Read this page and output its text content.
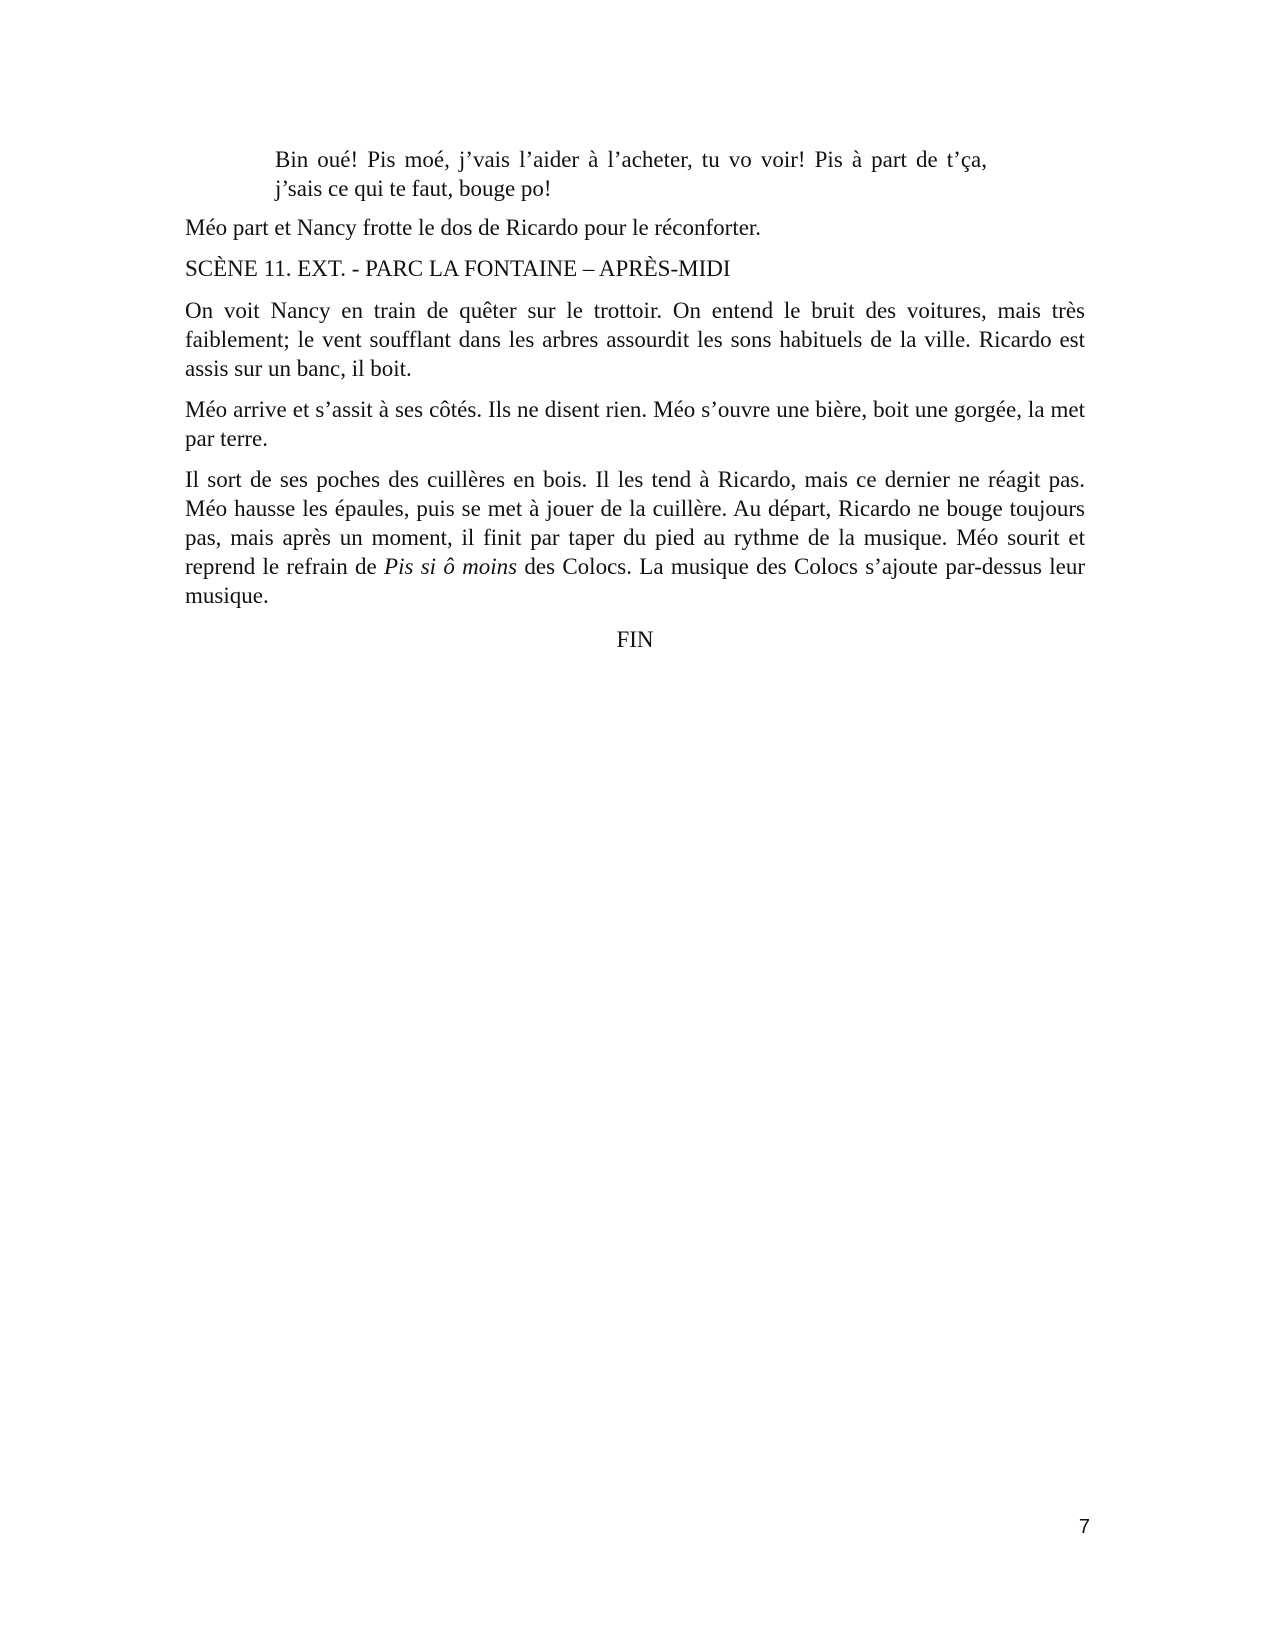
Bin oué! Pis moé, j’vais l’aider à l’acheter, tu vo voir! Pis à part de t’ça, j’sais ce qui te faut, bouge po!

Méo part et Nancy frotte le dos de Ricardo pour le réconforter.

SCÈNE 11. EXT. - PARC LA FONTAINE – APRÈS-MIDI

On voit Nancy en train de quêter sur le trottoir. On entend le bruit des voitures, mais très faiblement; le vent soufflant dans les arbres assourdit les sons habituels de la ville. Ricardo est assis sur un banc, il boit.

Méo arrive et s’assit à ses côtés. Ils ne disent rien. Méo s’ouvre une bière, boit une gorgée, la met par terre.

Il sort de ses poches des cuillères en bois. Il les tend à Ricardo, mais ce dernier ne réagit pas. Méo hausse les épaules, puis se met à jouer de la cuillère. Au départ, Ricardo ne bouge toujours pas, mais après un moment, il finit par taper du pied au rythme de la musique. Méo sourit et reprend le refrain de Pis si ô moins des Colocs. La musique des Colocs s’ajoute par-dessus leur musique.

FIN

7
